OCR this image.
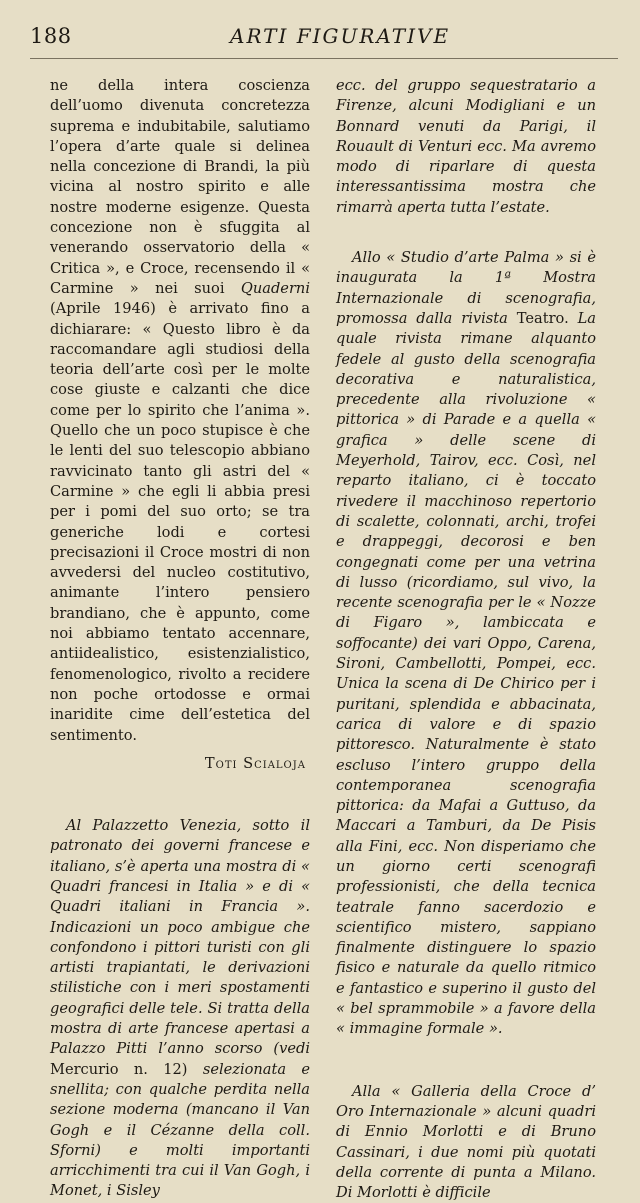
188	ARTI FIGURATIVE

ne della intera coscienza dell’uomo divenuta concretezza suprema e indubitabile, salutiamo l’opera d’arte quale si delinea nella concezione di Brandi, la più vicina al nostro spirito e alle nostre moderne esigenze. Questa concezione non è sfuggita al venerando osservatorio della « Critica », e Croce, recensendo il « Carmine » nei suoi Quaderni (Aprile 1946) è arrivato fino a dichiarare: « Questo libro è da raccomandare agli studiosi della teoria dell’arte così per le molte cose giuste e calzanti che dice come per lo spirito che l’anima ». Quello che un poco stupisce è che le lenti del suo telescopio abbiano ravvicinato tanto gli astri del « Carmine » che egli li abbia presi per i pomi del suo orto; se tra generiche lodi e cortesi precisazioni il Croce mostri di non avvedersi del nucleo costitutivo, animante l’intero pensiero brandiano, che è appunto, come noi abbiamo tentato accennare, antiidealistico, esistenzialistico, fenomenologico, rivolto a recidere non poche ortodosse e ormai inaridite cime dell’estetica del sentimento.

Toti Scialoja

Al Palazzetto Venezia, sotto il patronato dei governi francese e italiano, s’è aperta una mostra di « Quadri francesi in Italia » e di « Quadri italiani in Francia ». Indicazioni un poco ambigue che confondono i pittori turisti con gli artisti trapiantati, le derivazioni stilistiche con i meri spostamenti geografici delle tele. Si tratta della mostra di arte francese apertasi a Palazzo Pitti l’anno scorso (vedi Mercurio n. 12) selezionata e snellita; con qualche perdita nella sezione moderna (mancano il Van Gogh e il Cézanne della coll. Sforni) e molti importanti arricchimenti tra cui il Van Gogh, i Monet, i Sisley

ecc. del gruppo sequestratario a Firenze, alcuni Modigliani e un Bonnard venuti da Parigi, il Rouault di Venturi ecc. Ma avremo modo di riparlare di questa interessantissima mostra che rimarrà aperta tutta l’estate.

Allo « Studio d’arte Palma » si è inaugurata la 1ª Mostra Internazionale di scenografia, promossa dalla rivista Teatro. La quale rivista rimane alquanto fedele al gusto della scenografia decorativa e naturalistica, precedente alla rivoluzione « pittorica » di Parade e a quella « grafica » delle scene di Meyerhold, Tairov, ecc. Così, nel reparto italiano, ci è toccato rivedere il macchinoso repertorio di scalette, colonnati, archi, trofei e drappeggi, decorosi e ben congegnati come per una vetrina di lusso (ricordiamo, sul vivo, la recente scenografia per le « Nozze di Figaro », lambiccata e soffocante) dei vari Oppo, Carena, Sironi, Cambellotti, Pompei, ecc. Unica la scena di De Chirico per i puritani, splendida e abbacinata, carica di valore e di spazio pittoresco. Naturalmente è stato escluso l’intero gruppo della contemporanea scenografia pittorica: da Mafai a Guttuso, da Maccari a Tamburi, da De Pisis alla Fini, ecc. Non disperiamo che un giorno certi scenografi professionisti, che della tecnica teatrale fanno sacerdozio e scientifico mistero, sappiano finalmente distinguere lo spazio fisico e naturale da quello ritmico e fantastico e superino il gusto del « bel sprammobile » a favore della « immagine formale ».

Alla « Galleria della Croce d’ Oro Internazionale » alcuni quadri di Ennio Morlotti e di Bruno Cassinari, i due nomi più quotati della corrente di punta a Milano. Di Morlotti è difficile
